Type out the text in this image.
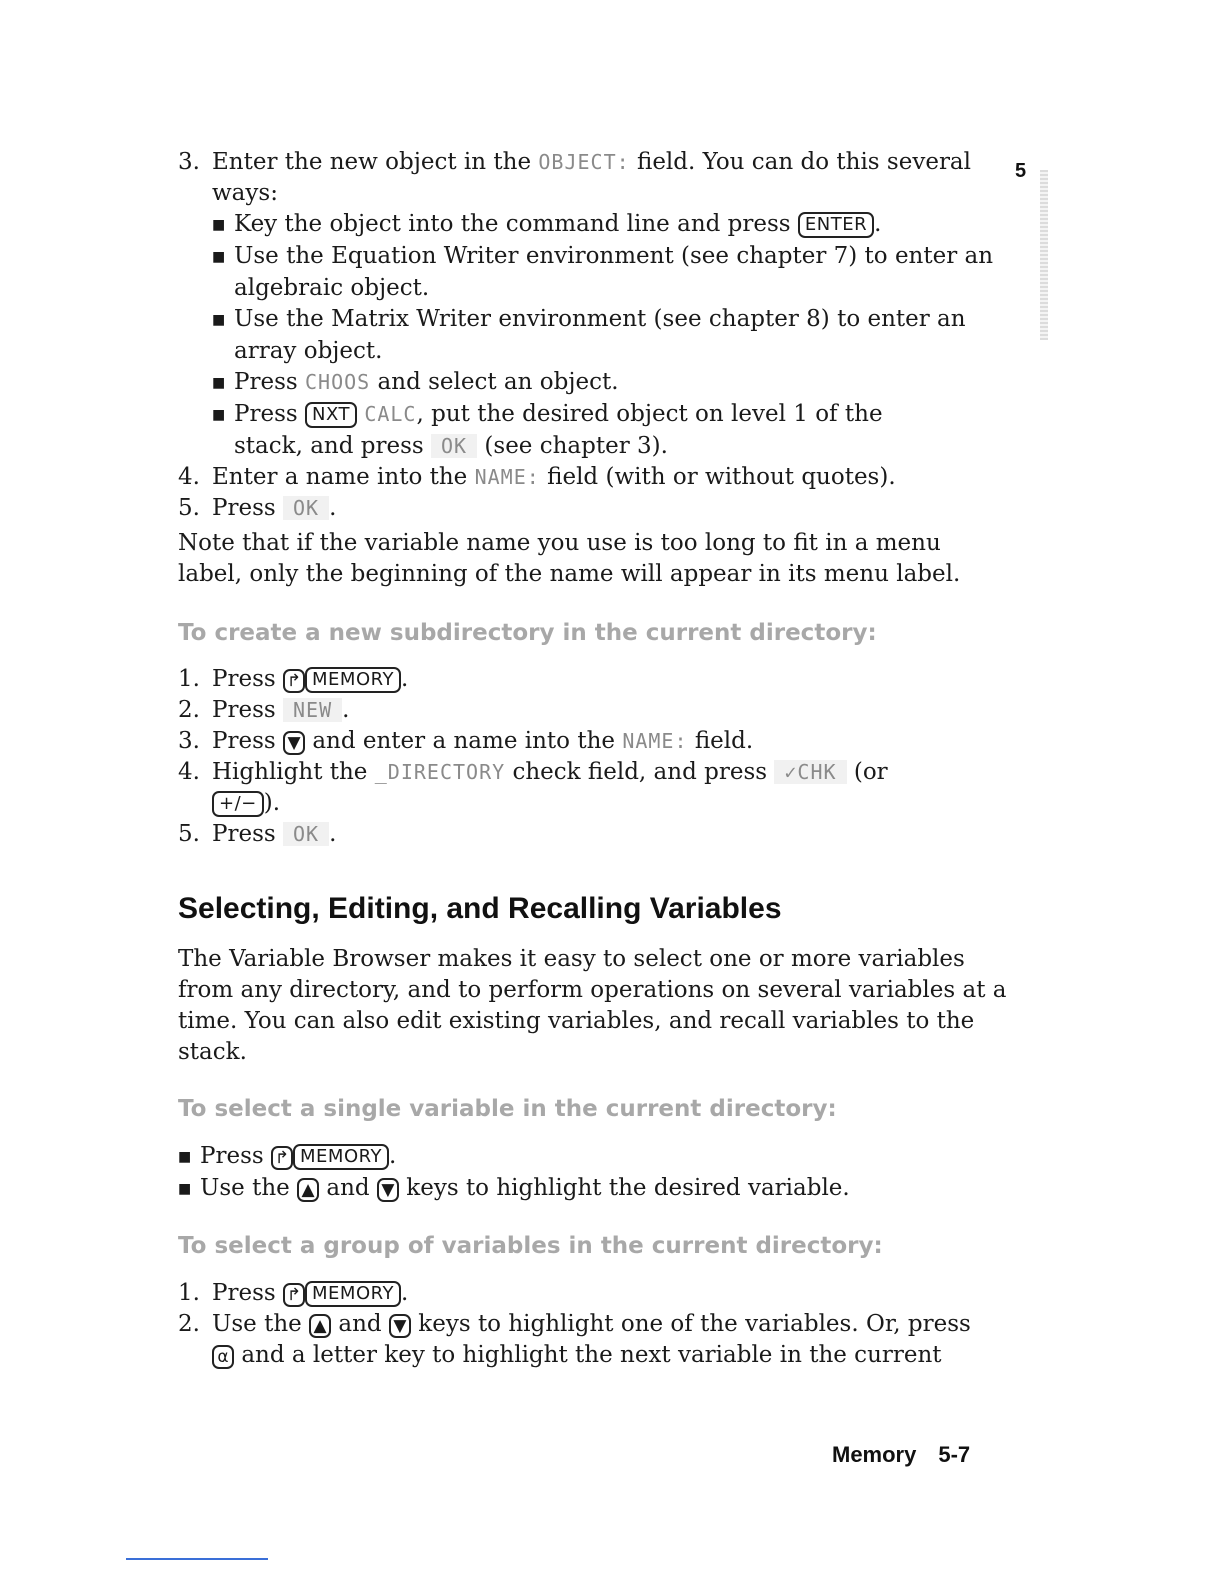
5
3. Enter the new object in the OBJECT: field. You can do this several
ways:
■ Key the object into the command line and press ENTER .
■ Use the Equation Writer environment (see chapter 7) to enter an
algebraic object.
■ Use the Matrix Writer environment (see chapter 8) to enter an
array object.
■ Press CHOOS and select an object.
■ Press NXT CALC, put the desired object on level 1 of the
stack, and press OK (see chapter 3).
4. Enter a name into the NAME: field (with or without quotes).
5. Press OK .
Note that if the variable name you use is too long to fit in a menu
label, only the beginning of the name will appear in its menu label.
To create a new subdirectory in the current directory:
1. Press ↱ MEMORY .
2. Press NEW .
3. Press ▼ and enter a name into the NAME: field.
4. Highlight the _DIRECTORY check field, and press ✓CHK (or
+/− ).
5. Press OK .
Selecting, Editing, and Recalling Variables
The Variable Browser makes it easy to select one or more variables
from any directory, and to perform operations on several variables at a
time. You can also edit existing variables, and recall variables to the
stack.
To select a single variable in the current directory:
■ Press ↱ MEMORY .
■ Use the ▲ and ▼ keys to highlight the desired variable.
To select a group of variables in the current directory:
1. Press ↱ MEMORY .
2. Use the ▲ and ▼ keys to highlight one of the variables. Or, press
α and a letter key to highlight the next variable in the current
Memory 5-7
